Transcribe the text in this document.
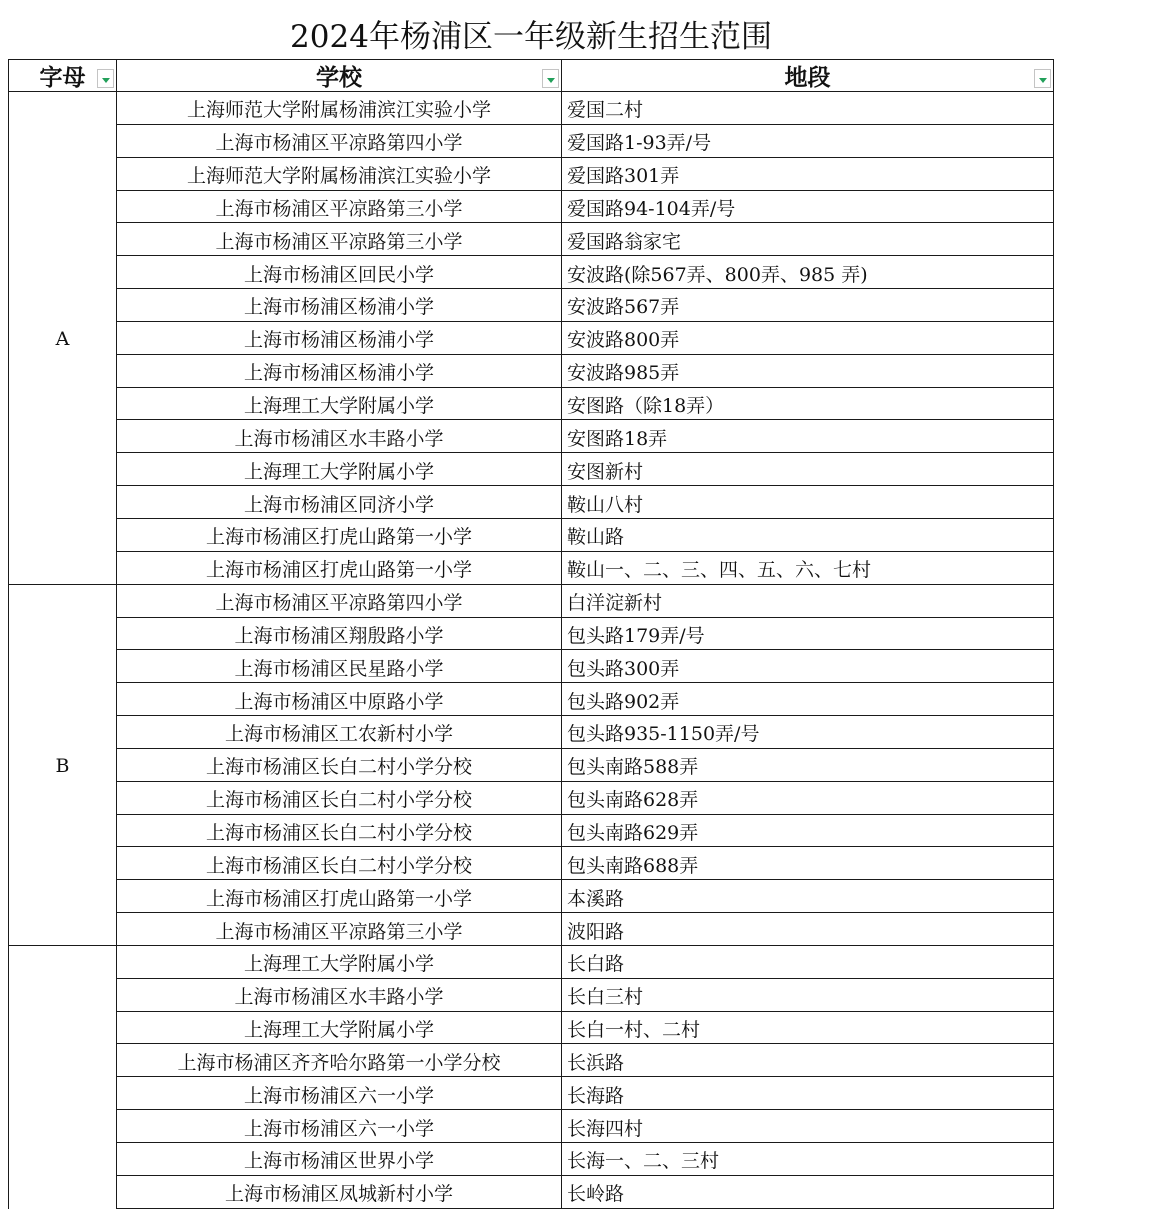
2024年杨浦区一年级新生招生范围
字母	学校	地段
A
上海师范大学附属杨浦滨江实验小学	爱国二村
上海市杨浦区平凉路第四小学	爱国路1-93弄/号
上海师范大学附属杨浦滨江实验小学	爱国路301弄
上海市杨浦区平凉路第三小学	爱国路94-104弄/号
上海市杨浦区平凉路第三小学	爱国路翁家宅
上海市杨浦区回民小学	安波路(除567弄、800弄、985 弄)
上海市杨浦区杨浦小学	安波路567弄
上海市杨浦区杨浦小学	安波路800弄
上海市杨浦区杨浦小学	安波路985弄
上海理工大学附属小学	安图路（除18弄）
上海市杨浦区水丰路小学	安图路18弄
上海理工大学附属小学	安图新村
上海市杨浦区同济小学	鞍山八村
上海市杨浦区打虎山路第一小学	鞍山路
上海市杨浦区打虎山路第一小学	鞍山一、二、三、四、五、六、七村
B
上海市杨浦区平凉路第四小学	白洋淀新村
上海市杨浦区翔殷路小学	包头路179弄/号
上海市杨浦区民星路小学	包头路300弄
上海市杨浦区中原路小学	包头路902弄
上海市杨浦区工农新村小学	包头路935-1150弄/号
上海市杨浦区长白二村小学分校	包头南路588弄
上海市杨浦区长白二村小学分校	包头南路628弄
上海市杨浦区长白二村小学分校	包头南路629弄
上海市杨浦区长白二村小学分校	包头南路688弄
上海市杨浦区打虎山路第一小学	本溪路
上海市杨浦区平凉路第三小学	波阳路
上海理工大学附属小学	长白路
上海市杨浦区水丰路小学	长白三村
上海理工大学附属小学	长白一村、二村
上海市杨浦区齐齐哈尔路第一小学分校	长浜路
上海市杨浦区六一小学	长海路
上海市杨浦区六一小学	长海四村
上海市杨浦区世界小学	长海一、二、三村
上海市杨浦区凤城新村小学	长岭路
